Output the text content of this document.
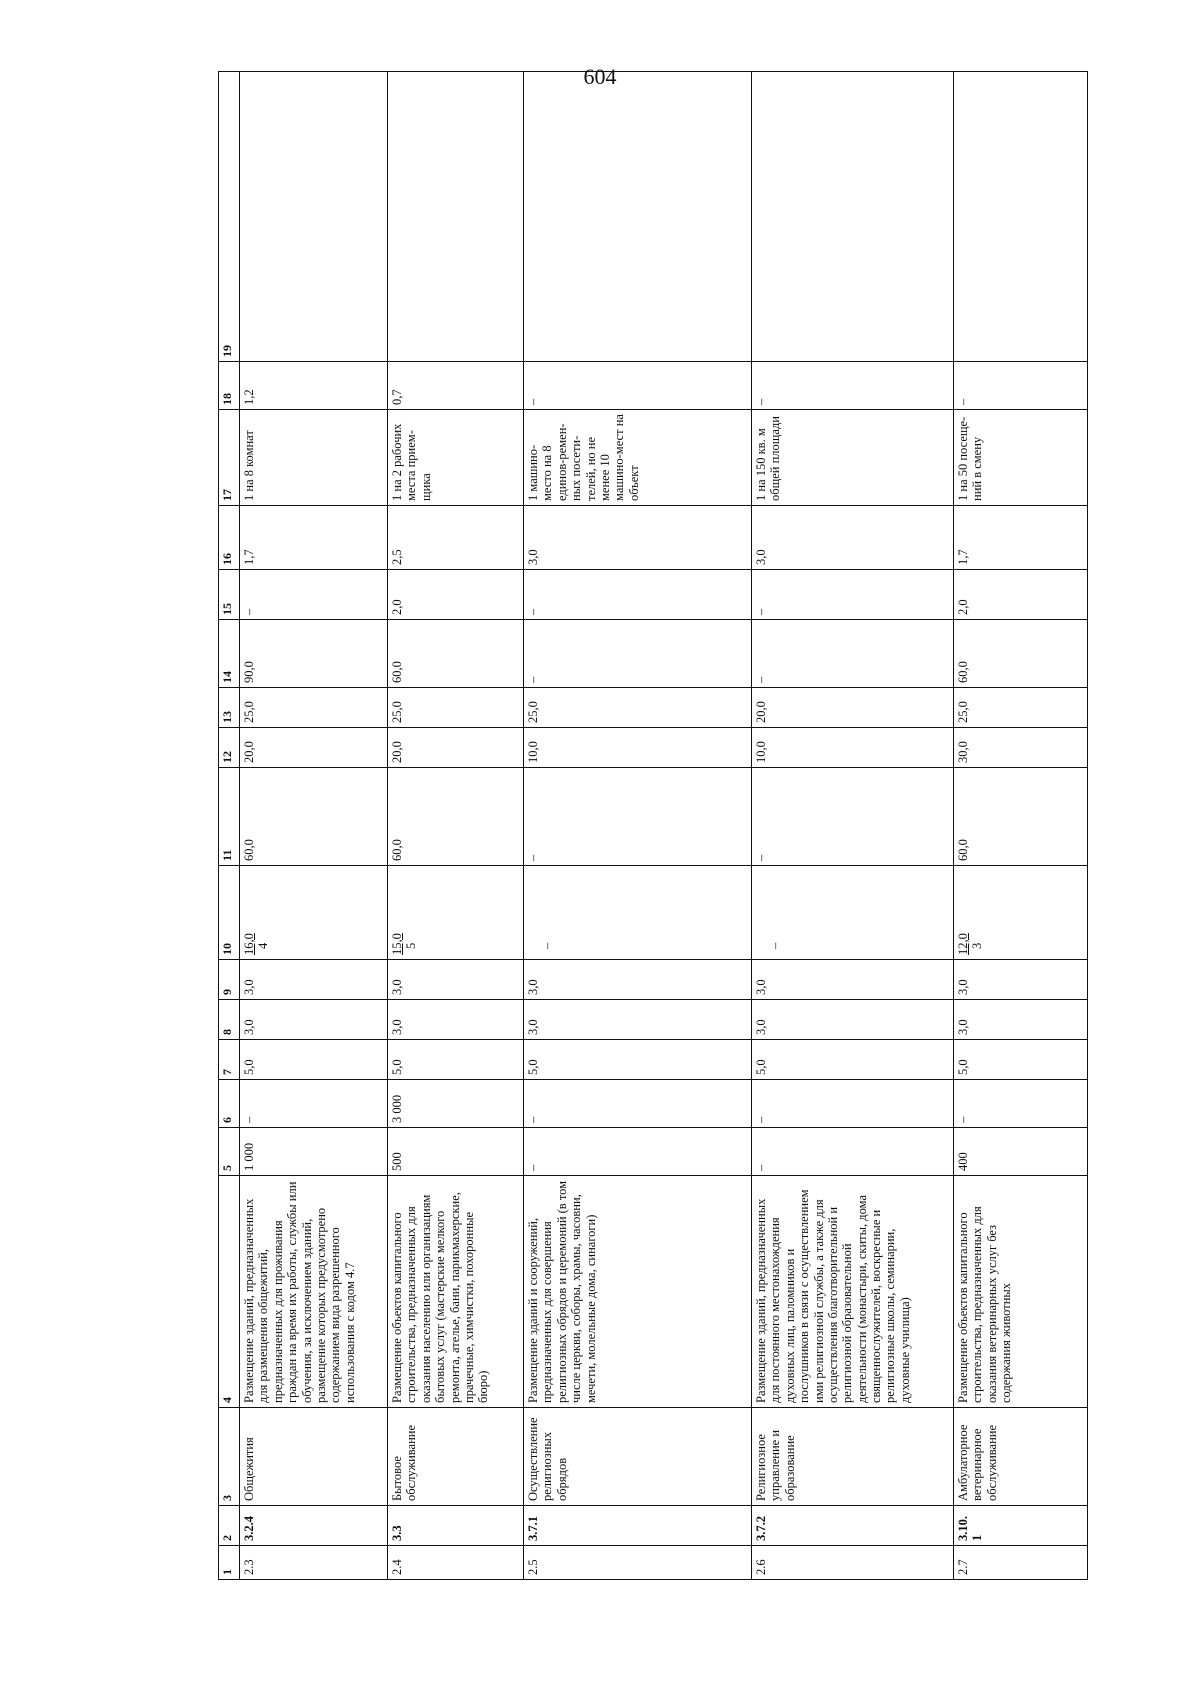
604
1	2	3	4	5	6	7	8	9	10	11	12	13	14	15	16	17	18	19
2.3	3.2.4	Общежития	Размещение зданий, предназначенных для размещения общежитий, предназначенных для проживания граждан на время их работы, службы или обучения, за исключением зданий, размещение которых предусмотрено содержанием вида разрешенного использования с кодом 4.7	1 000	–	5,0	3,0	3,0	16,0 4	60,0	20,0	25,0	90,0	–	1,7	1 на 8 комнат	1,2	
2.4	3.3	Бытовое обслуживание	Размещение объектов капитального строительства, предназначенных для оказания населению или организациям бытовых услуг (мастерские мелкого ремонта, ателье, бани, парикмахерские, прачечные, химчистки, похоронные бюро)	500	3 000	5,0	3,0	3,0	15,0 5	60,0	20,0	25,0	60,0	2,0	2,5	1 на 2 рабочих места прием-щика	0,7	
2.5	3.7.1	Осуществление религиозных обрядов	Размещение зданий и сооружений, предназначенных для совершения религиозных обрядов и церемоний (в том числе церкви, соборы, храмы, часовни, мечети, молельные дома, синагоги)	–	–	5,0	3,0	3,0	–	–	10,0	25,0	–	–	3,0	1 машино-место на 8 единов-ремен-ных посети-телей, но не менее 10 машино-мест на объект	–	
2.6	3.7.2	Религиозное управление и образование	Размещение зданий, предназначенных для постоянного местонахождения духовных лиц, паломников и послушников в связи с осуществлением ими религиозной службы, а также для осуществления благотворительной и религиозной образовательной деятельности (монастыри, скиты, дома священнослужителей, воскресные и религиозные школы, семинарии, духовные училища)	–	–	5,0	3,0	3,0	–	–	10,0	20,0	–	–	3,0	1 на 150 кв. м общей площади	–	
2.7	3.10.1	Амбулаторное ветеринарное обслуживание	Размещение объектов капитального строительства, предназначенных для оказания ветеринарных услуг без содержания животных	400	–	5,0	3,0	3,0	12,0 3	60,0	30,0	25,0	60,0	2,0	1,7	1 на 50 посеще-ний в смену	–	
